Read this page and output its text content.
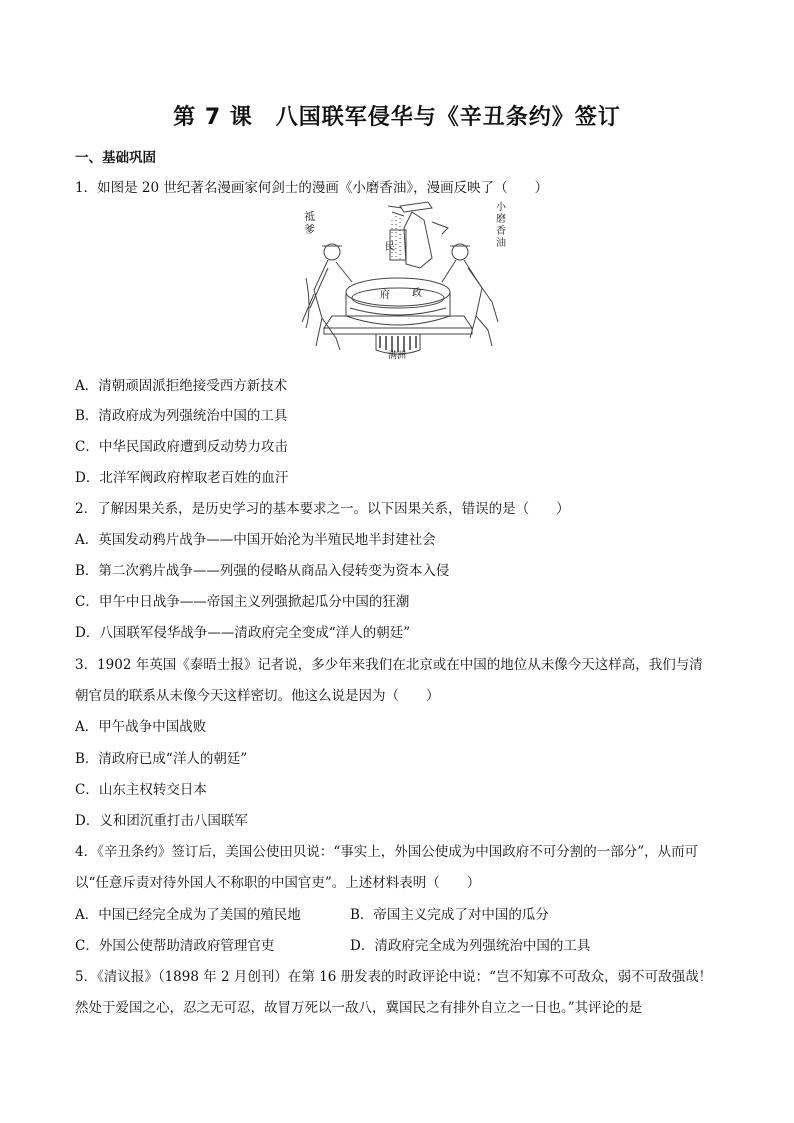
第 7 课　八国联军侵华与《辛丑条约》签订
一、基础巩固
1．如图是 20 世纪著名漫画家何剑士的漫画《小磨香油》，漫画反映了（　　）
祗爹
小磨香油
民
府 政
满洲
A．清朝顽固派拒绝接受西方新技术
B．清政府成为列强统治中国的工具
C．中华民国政府遭到反动势力攻击
D．北洋军阀政府榨取老百姓的血汗
2．了解因果关系，是历史学习的基本要求之一。以下因果关系，错误的是（　　）
A．英国发动鸦片战争——中国开始沦为半殖民地半封建社会
B．第二次鸦片战争——列强的侵略从商品入侵转变为资本入侵
C．甲午中日战争——帝国主义列强掀起瓜分中国的狂潮
D．八国联军侵华战争——清政府完全变成“洋人的朝廷”
3．1902 年英国《泰晤士报》记者说，多少年来我们在北京或在中国的地位从未像今天这样高，我们与清
朝官员的联系从未像今天这样密切。他这么说是因为（　　）
A．甲午战争中国战败
B．清政府已成“洋人的朝廷”
C．山东主权转交日本
D．义和团沉重打击八国联军
4．《辛丑条约》签订后，美国公使田贝说：“事实上，外国公使成为中国政府不可分割的一部分”，从而可
以“任意斥责对待外国人不称职的中国官吏”。上述材料表明（　　）
A．中国已经完全成为了美国的殖民地	B．帝国主义完成了对中国的瓜分
C．外国公使帮助清政府管理官吏	D．清政府完全成为列强统治中国的工具
5．《清议报》（1898 年 2 月创刊）在第 16 册发表的时政评论中说：“岂不知寡不可敌众，弱不可敌强哉！
然处于爱国之心，忍之无可忍，故冒万死以一敌八，冀国民之有排外自立之一日也。”其评论的是
